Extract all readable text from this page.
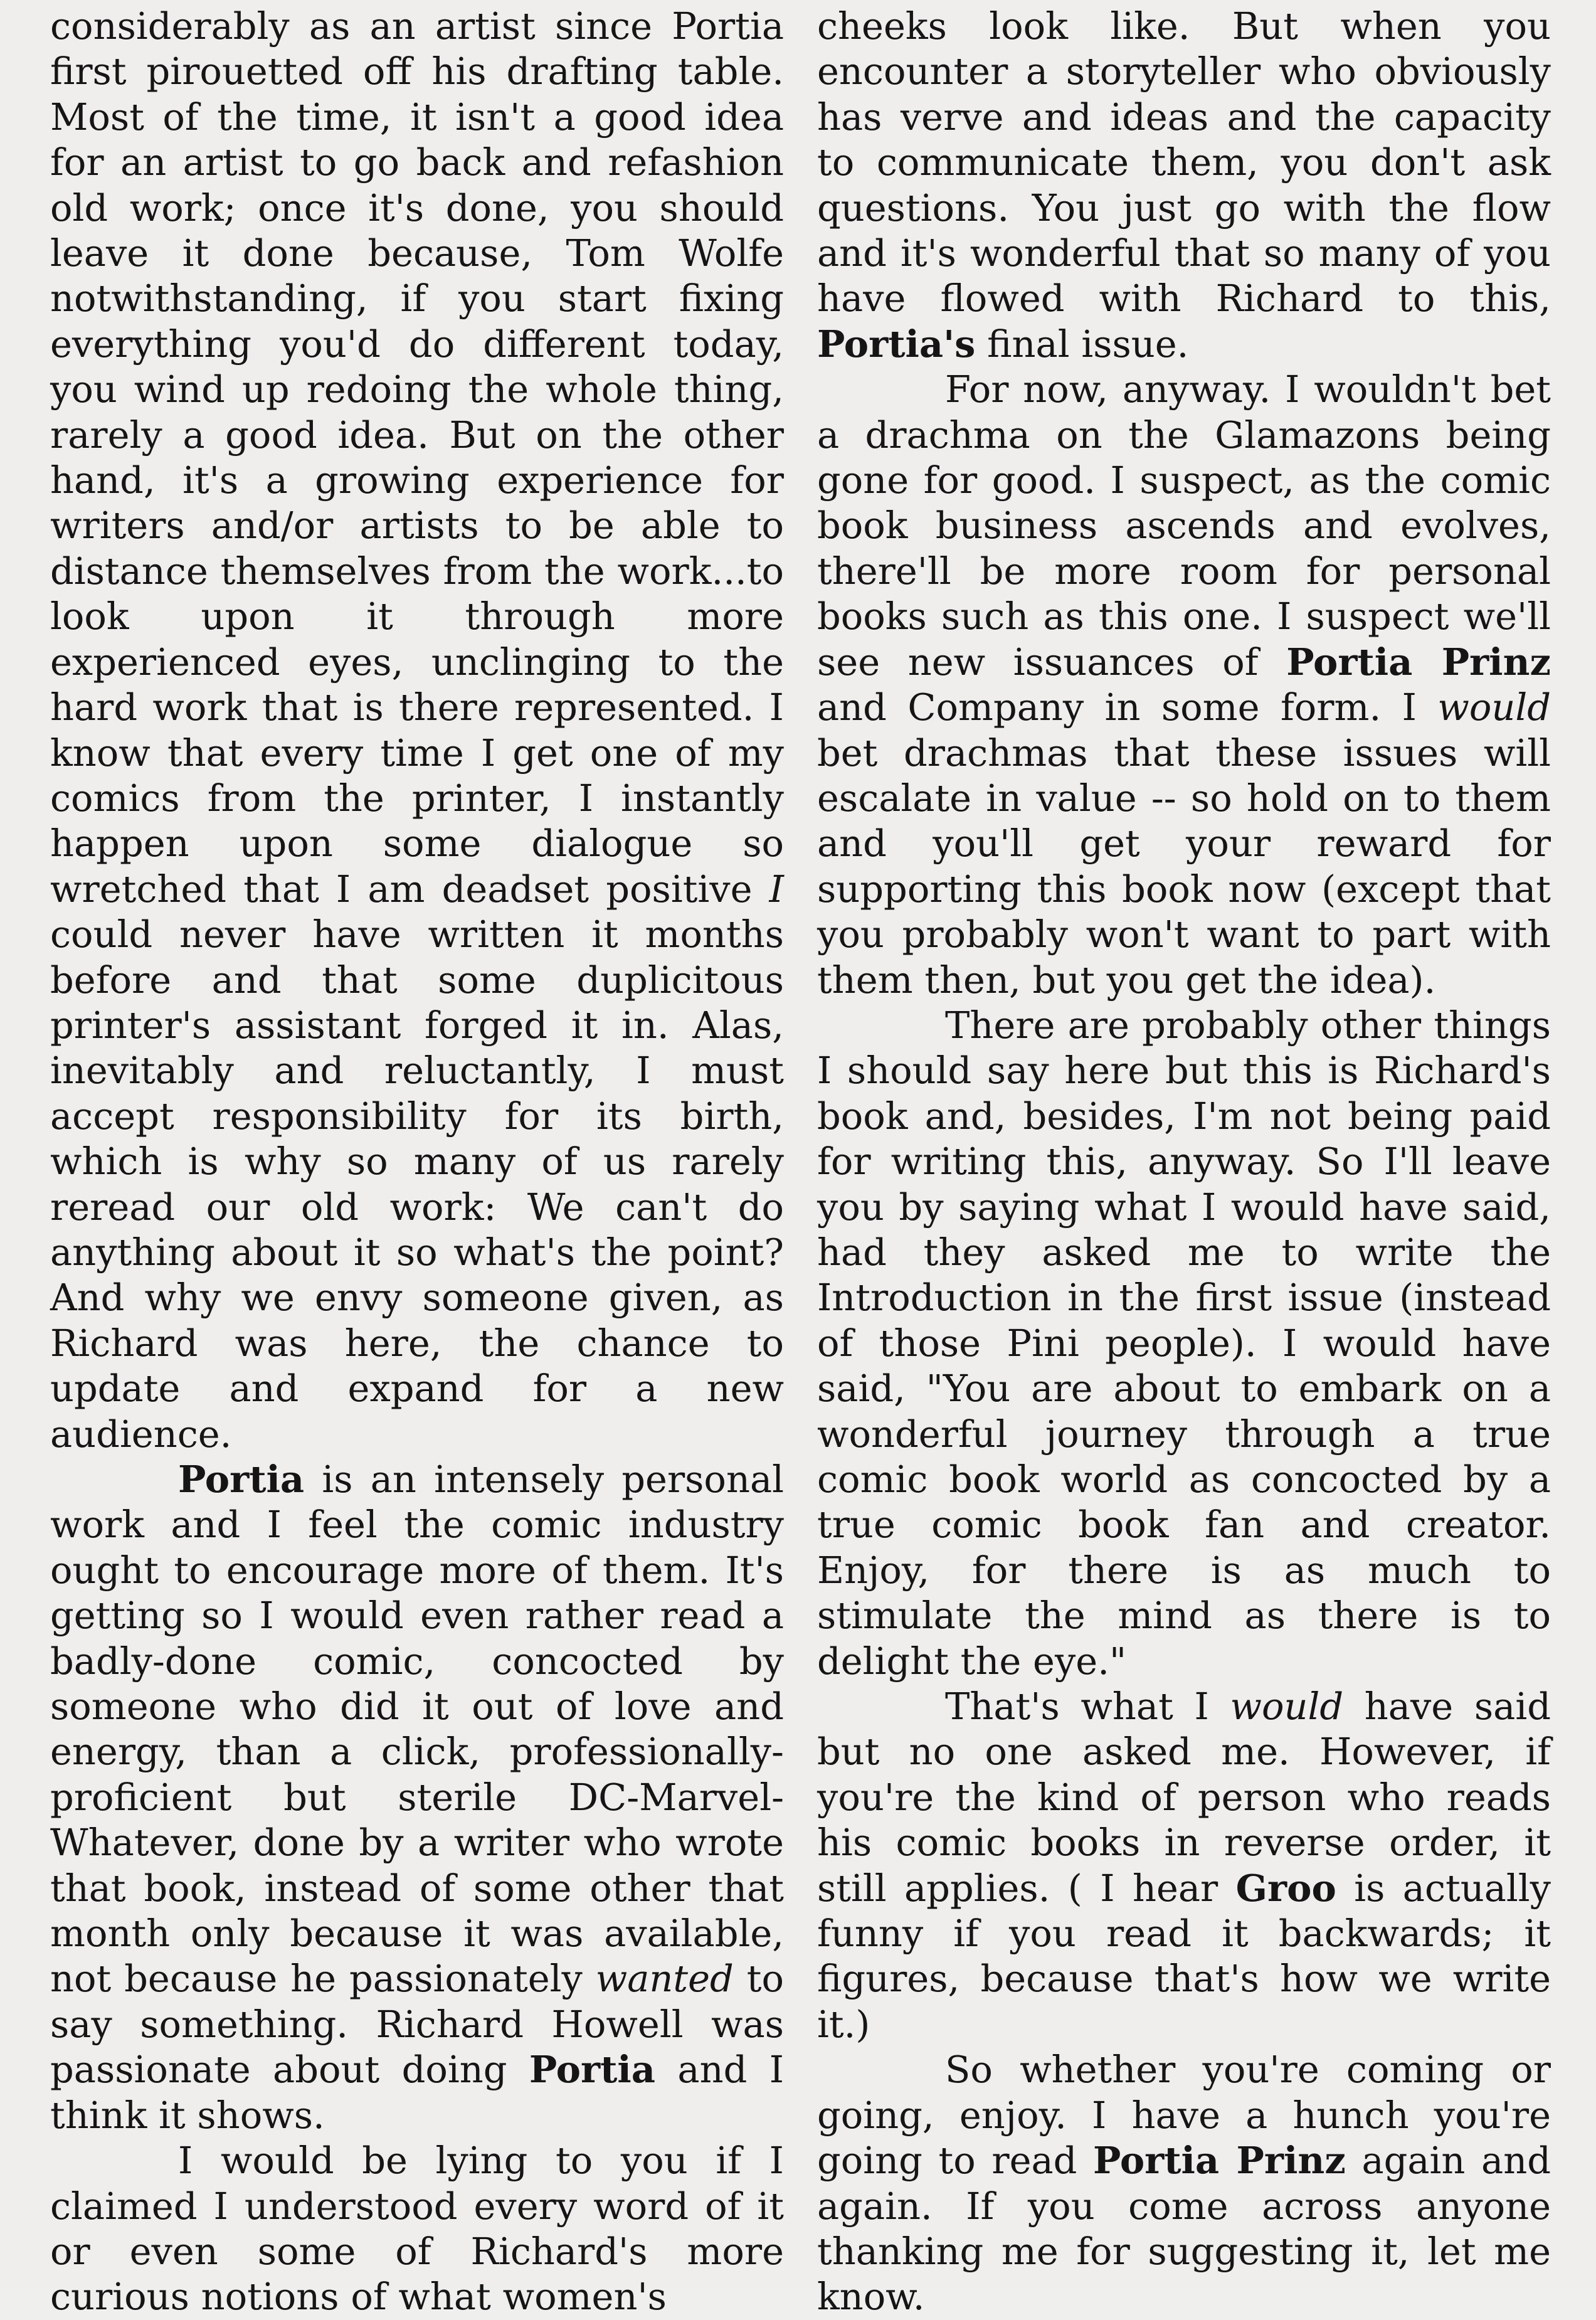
considerably as an artist since Portia first pirouetted off his drafting table. Most of the time, it isn't a good idea for an artist to go back and refashion old work; once it's done, you should leave it done because, Tom Wolfe notwithstanding, if you start fixing everything you'd do different today, you wind up redoing the whole thing, rarely a good idea. But on the other hand, it's a growing experience for writers and/or artists to be able to distance themselves from the work...to look upon it through more experienced eyes, unclinging to the hard work that is there represented. I know that every time I get one of my comics from the printer, I instantly happen upon some dialogue so wretched that I am deadset positive I could never have written it months before and that some duplicitous printer's assistant forged it in. Alas, inevitably and reluctantly, I must accept responsibility for its birth, which is why so many of us rarely reread our old work: We can't do anything about it so what's the point? And why we envy someone given, as Richard was here, the chance to update and expand for a new audience.

Portia is an intensely personal work and I feel the comic industry ought to encourage more of them. It's getting so I would even rather read a badly-done comic, concocted by someone who did it out of love and energy, than a click, professionally-proficient but sterile DC-Marvel-Whatever, done by a writer who wrote that book, instead of some other that month only because it was available, not because he passionately wanted to say something. Richard Howell was passionate about doing Portia and I think it shows.

I would be lying to you if I claimed I understood every word of it or even some of Richard's more curious notions of what women's

cheeks look like. But when you encounter a storyteller who obviously has verve and ideas and the capacity to communicate them, you don't ask questions. You just go with the flow and it's wonderful that so many of you have flowed with Richard to this, Portia's final issue.

For now, anyway. I wouldn't bet a drachma on the Glamazons being gone for good. I suspect, as the comic book business ascends and evolves, there'll be more room for personal books such as this one. I suspect we'll see new issuances of Portia Prinz and Company in some form. I would bet drachmas that these issues will escalate in value -- so hold on to them and you'll get your reward for supporting this book now (except that you probably won't want to part with them then, but you get the idea).

There are probably other things I should say here but this is Richard's book and, besides, I'm not being paid for writing this, anyway. So I'll leave you by saying what I would have said, had they asked me to write the Introduction in the first issue (instead of those Pini people). I would have said, "You are about to embark on a wonderful journey through a true comic book world as concocted by a true comic book fan and creator. Enjoy, for there is as much to stimulate the mind as there is to delight the eye."

That's what I would have said but no one asked me. However, if you're the kind of person who reads his comic books in reverse order, it still applies. ( I hear Groo is actually funny if you read it backwards; it figures, because that's how we write it.)

So whether you're coming or going, enjoy. I have a hunch you're going to read Portia Prinz again and again. If you come across anyone thanking me for suggesting it, let me know.
